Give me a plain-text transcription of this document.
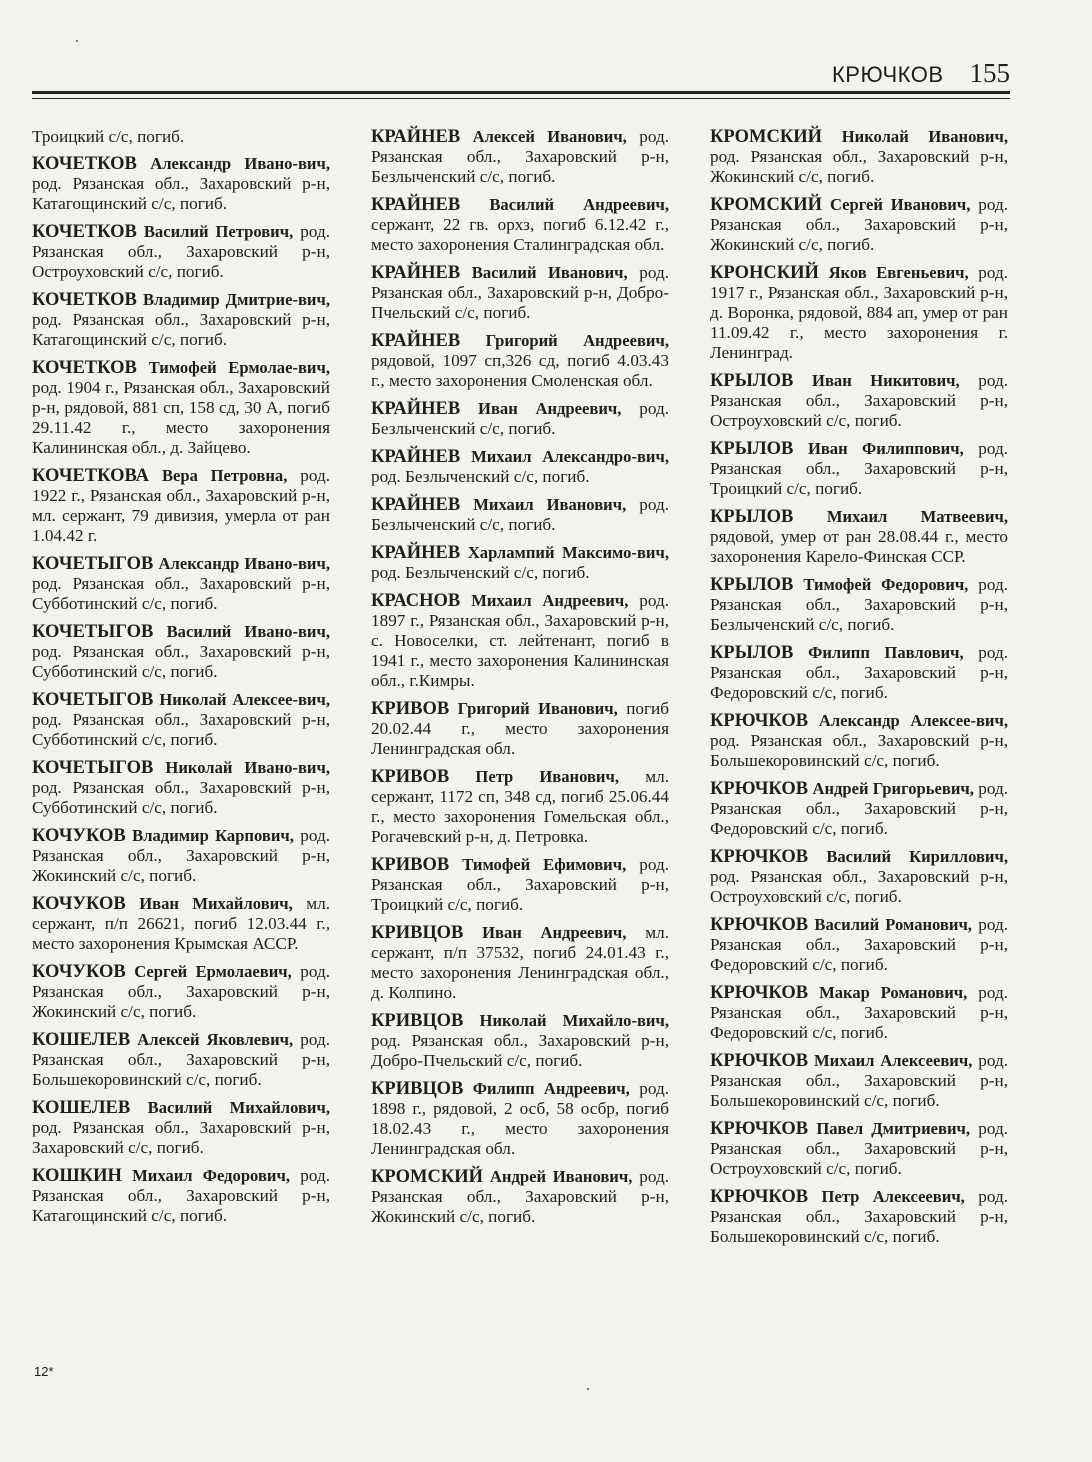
КРЮЧКОВ 155

Троицкий с/с, погиб.

КОЧЕТКОВ Александр Ивано-вич, род. Рязанская обл., Захаровский р-н, Катагощинский с/с, погиб.

КОЧЕТКОВ Василий Петрович, род. Рязанская обл., Захаровский р-н, Остроуховский с/с, погиб.

КОЧЕТКОВ Владимир Дмитрие-вич, род. Рязанская обл., Захаровский р-н, Катагощинский с/с, погиб.

КОЧЕТКОВ Тимофей Ермолае-вич, род. 1904 г., Рязанская обл., Захаровский р-н, рядовой, 881 сп, 158 сд, 30 А, погиб 29.11.42 г., место захоронения Калининская обл., д. Зайцево.

КОЧЕТКОВА Вера Петровна, род. 1922 г., Рязанская обл., Захаровский р-н, мл. сержант, 79 дивизия, умерла от ран 1.04.42 г.

КОЧЕТЫГОВ Александр Ивано-вич, род. Рязанская обл., Захаровский р-н, Субботинский с/с, погиб.

КОЧЕТЫГОВ Василий Ивано-вич, род. Рязанская обл., Захаровский р-н, Субботинский с/с, погиб.

КОЧЕТЫГОВ Николай Алексее-вич, род. Рязанская обл., Захаровский р-н, Субботинский с/с, погиб.

КОЧЕТЫГОВ Николай Ивано-вич, род. Рязанская обл., Захаровский р-н, Субботинский с/с, погиб.

КОЧУКОВ Владимир Карпович, род. Рязанская обл., Захаровский р-н, Жокинский с/с, погиб.

КОЧУКОВ Иван Михайлович, мл. сержант, п/п 26621, погиб 12.03.44 г., место захоронения Крымская АССР.

КОЧУКОВ Сергей Ермолаевич, род. Рязанская обл., Захаровский р-н, Жокинский с/с, погиб.

КОШЕЛЕВ Алексей Яковлевич, род. Рязанская обл., Захаровский р-н, Большекоровинский с/с, погиб.

КОШЕЛЕВ Василий Михайлович, род. Рязанская обл., Захаровский р-н, Захаровский с/с, погиб.

КОШКИН Михаил Федорович, род. Рязанская обл., Захаровский р-н, Катагощинский с/с, погиб.

КРАЙНЕВ Алексей Иванович, род. Рязанская обл., Захаровский р-н, Безлыченский с/с, погиб.

КРАЙНЕВ Василий Андреевич, сержант, 22 гв. орхз, погиб 6.12.42 г., место захоронения Сталинградская обл.

КРАЙНЕВ Василий Иванович, род. Рязанская обл., Захаровский р-н, Добро-Пчельский с/с, погиб.

КРАЙНЕВ Григорий Андреевич, рядовой, 1097 сп,326 сд, погиб 4.03.43 г., место захоронения Смоленская обл.

КРАЙНЕВ Иван Андреевич, род. Безлыченский с/с, погиб.

КРАЙНЕВ Михаил Александро-вич, род. Безлыченский с/с, погиб.

КРАЙНЕВ Михаил Иванович, род. Безлыченский с/с, погиб.

КРАЙНЕВ Харлампий Максимо-вич, род. Безлыченский с/с, погиб.

КРАСНОВ Михаил Андреевич, род. 1897 г., Рязанская обл., Захаровский р-н, с. Новоселки, ст. лейтенант, погиб в 1941 г., место захоронения Калининская обл., г.Кимры.

КРИВОВ Григорий Иванович, погиб 20.02.44 г., место захоронения Ленинградская обл.

КРИВОВ Петр Иванович, мл. сержант, 1172 сп, 348 сд, погиб 25.06.44 г., место захоронения Гомельская обл., Рогачевский р-н, д. Петровка.

КРИВОВ Тимофей Ефимович, род. Рязанская обл., Захаровский р-н, Троицкий с/с, погиб.

КРИВЦОВ Иван Андреевич, мл. сержант, п/п 37532, погиб 24.01.43 г., место захоронения Ленинградская обл., д. Колпино.

КРИВЦОВ Николай Михайло-вич, род. Рязанская обл., Захаровский р-н, Добро-Пчельский с/с, погиб.

КРИВЦОВ Филипп Андреевич, род. 1898 г., рядовой, 2 осб, 58 осбр, погиб 18.02.43 г., место захоронения Ленинградская обл.

КРОМСКИЙ Андрей Иванович, род. Рязанская обл., Захаровский р-н, Жокинский с/с, погиб.

КРОМСКИЙ Николай Иванович, род. Рязанская обл., Захаровский р-н, Жокинский с/с, погиб.

КРОМСКИЙ Сергей Иванович, род. Рязанская обл., Захаровский р-н, Жокинский с/с, погиб.

КРОНСКИЙ Яков Евгеньевич, род. 1917 г., Рязанская обл., Захаровский р-н, д. Воронка, рядовой, 884 ап, умер от ран 11.09.42 г., место захоронения г. Ленинград.

КРЫЛОВ Иван Никитович, род. Рязанская обл., Захаровский р-н, Остроуховский с/с, погиб.

КРЫЛОВ Иван Филиппович, род. Рязанская обл., Захаровский р-н, Троицкий с/с, погиб.

КРЫЛОВ Михаил Матвеевич, рядовой, умер от ран 28.08.44 г., место захоронения Карело-Финская ССР.

КРЫЛОВ Тимофей Федорович, род. Рязанская обл., Захаровский р-н, Безлыченский с/с, погиб.

КРЫЛОВ Филипп Павлович, род. Рязанская обл., Захаровский р-н, Федоровский с/с, погиб.

КРЮЧКОВ Александр Алексее-вич, род. Рязанская обл., Захаровский р-н, Большекоровинский с/с, погиб.

КРЮЧКОВ Андрей Григорьевич, род. Рязанская обл., Захаровский р-н, Федоровский с/с, погиб.

КРЮЧКОВ Василий Кириллович, род. Рязанская обл., Захаровский р-н, Остроуховский с/с, погиб.

КРЮЧКОВ Василий Романович, род. Рязанская обл., Захаровский р-н, Федоровский с/с, погиб.

КРЮЧКОВ Макар Романович, род. Рязанская обл., Захаровский р-н, Федоровский с/с, погиб.

КРЮЧКОВ Михаил Алексеевич, род. Рязанская обл., Захаровский р-н, Большекоровинский с/с, погиб.

КРЮЧКОВ Павел Дмитриевич, род. Рязанская обл., Захаровский р-н, Остроуховский с/с, погиб.

КРЮЧКОВ Петр Алексеевич, род. Рязанская обл., Захаровский р-н, Большекоровинский с/с, погиб.

12*
